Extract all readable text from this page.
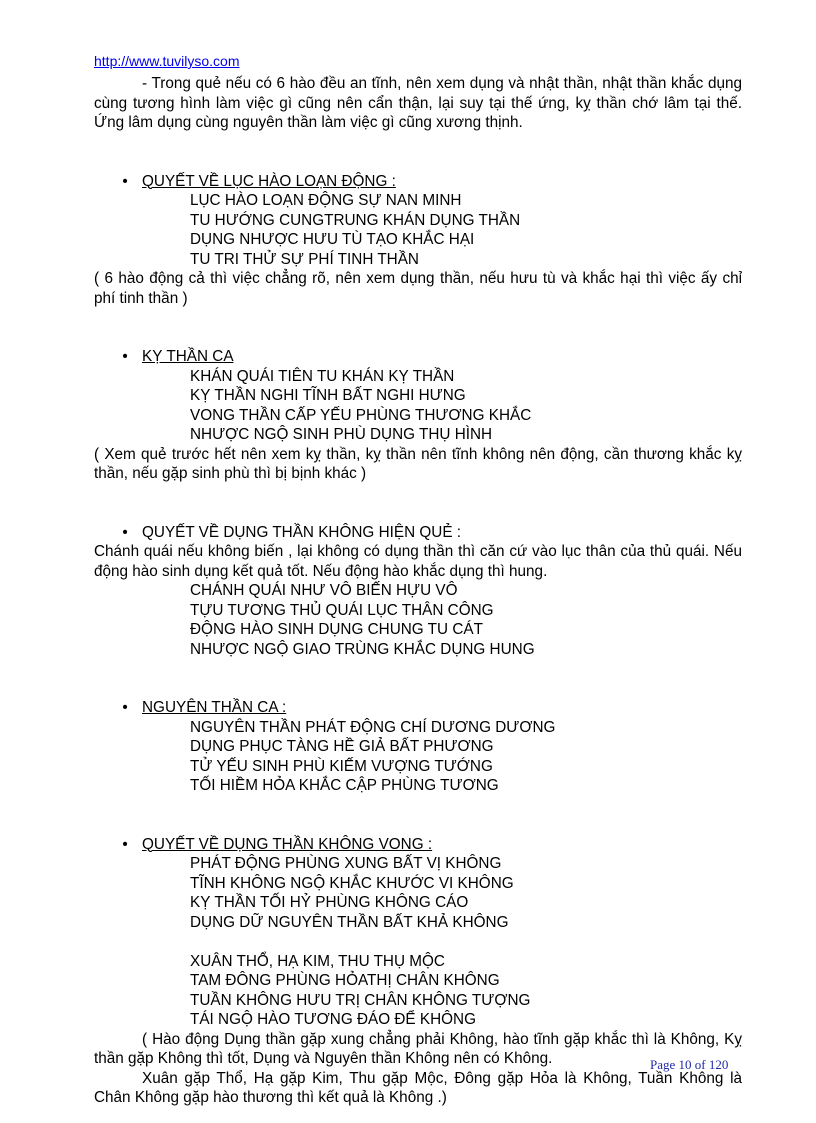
http://www.tuvilyso.com

- Trong quẻ nếu có 6 hào đều an tĩnh, nên xem dụng và nhật thần, nhật thần khắc dụng cùng tương hình làm việc gì cũng nên cẩn thận, lại suy tại thế ứng, kỵ thần chớ lâm tại thế. Ứng lâm dụng cùng nguyên thần làm việc gì cũng xương thịnh.

• QUYẾT VỀ LỤC HÀO LOẠN ĐỘNG :
LỤC HÀO LOẠN ĐỘNG SỰ NAN MINH
TU HƯỚNG CUNGTRUNG KHÁN DỤNG THẦN
DỤNG NHƯỢC HƯU TÙ TẠO KHẮC HẠI
TU TRI THỬ SỰ PHÍ TINH THẦN

( 6 hào động cả thì việc chẳng rõ, nên xem dụng thần, nếu hưu tù và khắc hại thì việc ấy chỉ phí tinh thần )

• KỴ THẦN CA
KHÁN QUÁI TIÊN TU KHÁN KỴ THẦN
KỴ THẦN NGHI TĨNH BẤT NGHI HƯNG
VONG THẦN CẤP YẾU PHÙNG THƯƠNG KHẮC
NHƯỢC NGỘ SINH PHÙ DỤNG THỤ HÌNH

( Xem quẻ trước hết nên xem kỵ thần, kỵ thần nên tĩnh không nên động, cần thương khắc kỵ thần, nếu gặp sinh phù thì bị bịnh khác )

• QUYẾT VỀ DỤNG THẦN KHÔNG HIỆN QUẺ :

Chánh quái nếu không biến , lại không có dụng thần thì căn cứ vào lục thân của thủ quái. Nếu động hào sinh dụng kết quả tốt. Nếu động hào khắc dụng thì hung.

CHÁNH QUÁI NHƯ VÔ BIẾN HỰU VÔ
TỰU TƯƠNG THỦ QUÁI LỤC THÂN CÔNG
ĐỘNG HÀO SINH DỤNG CHUNG TU CÁT
NHƯỢC NGỘ GIAO TRÙNG KHẮC DỤNG HUNG
• NGUYÊN THẦN CA :
NGUYÊN THẦN PHÁT ĐỘNG CHÍ DƯƠNG DƯƠNG
DỤNG PHỤC TÀNG HỀ GIẢ BẤT PHƯƠNG
TỬ YẾU SINH PHÙ KIẾM VƯỢNG TƯỚNG
TỐI HIỀM HỎA KHẮC CẬP PHÙNG TƯƠNG
• QUYẾT VỀ DỤNG THẦN KHÔNG VONG :
PHÁT ĐỘNG PHÙNG XUNG BẤT VỊ KHÔNG
TĨNH KHÔNG NGỘ KHẮC KHƯỚC VI KHÔNG
KỴ THẦN TỐI HỶ PHÙNG KHÔNG CÁO
DỤNG DỮ NGUYÊN THẦN BẤT KHẢ KHÔNG
XUÂN THỔ, HẠ KIM, THU THỤ MỘC
TAM ĐÔNG PHÙNG HỎATHỊ CHÂN KHÔNG
TUẦN KHÔNG HƯU TRỊ CHÂN KHÔNG TƯỢNG
TÁI NGỘ HÀO TƯƠNG ĐÁO ĐỂ KHÔNG

( Hào động Dụng thần gặp xung chẳng phải Không, hào tĩnh gặp khắc thì là Không, Kỵ thần gặp Không thì tốt, Dụng và Nguyên thần Không nên có Không.

Xuân gặp Thổ, Hạ gặp Kim, Thu gặp Mộc, Đông gặp Hỏa là Không, Tuần Không là Chân Không gặp hào thương thì kết quả là Không .)

Page 10 of 120
